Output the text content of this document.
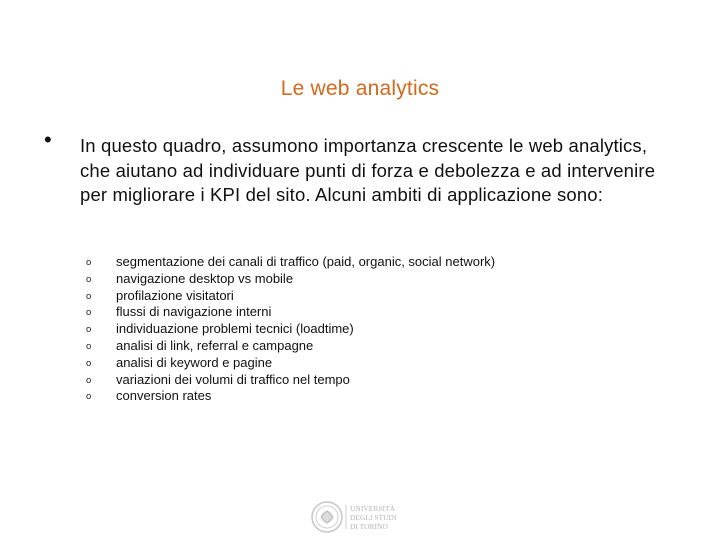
Le web analytics
• In questo quadro, assumono importanza crescente le web analytics, che aiutano ad individuare punti di forza e debolezza e ad intervenire per migliorare i KPI del sito. Alcuni ambiti di applicazione sono:
o segmentazione dei canali di traffico (paid, organic, social network)
o navigazione desktop vs mobile
o profilazione visitatori
o flussi di navigazione interni
o individuazione problemi tecnici (loadtime)
o analisi di link, referral e campagne
o analisi di keyword e pagine
o variazioni dei volumi di traffico nel tempo
o conversion rates
UNIVERSITÀ
DEGLI STUDI
DI TORINO
